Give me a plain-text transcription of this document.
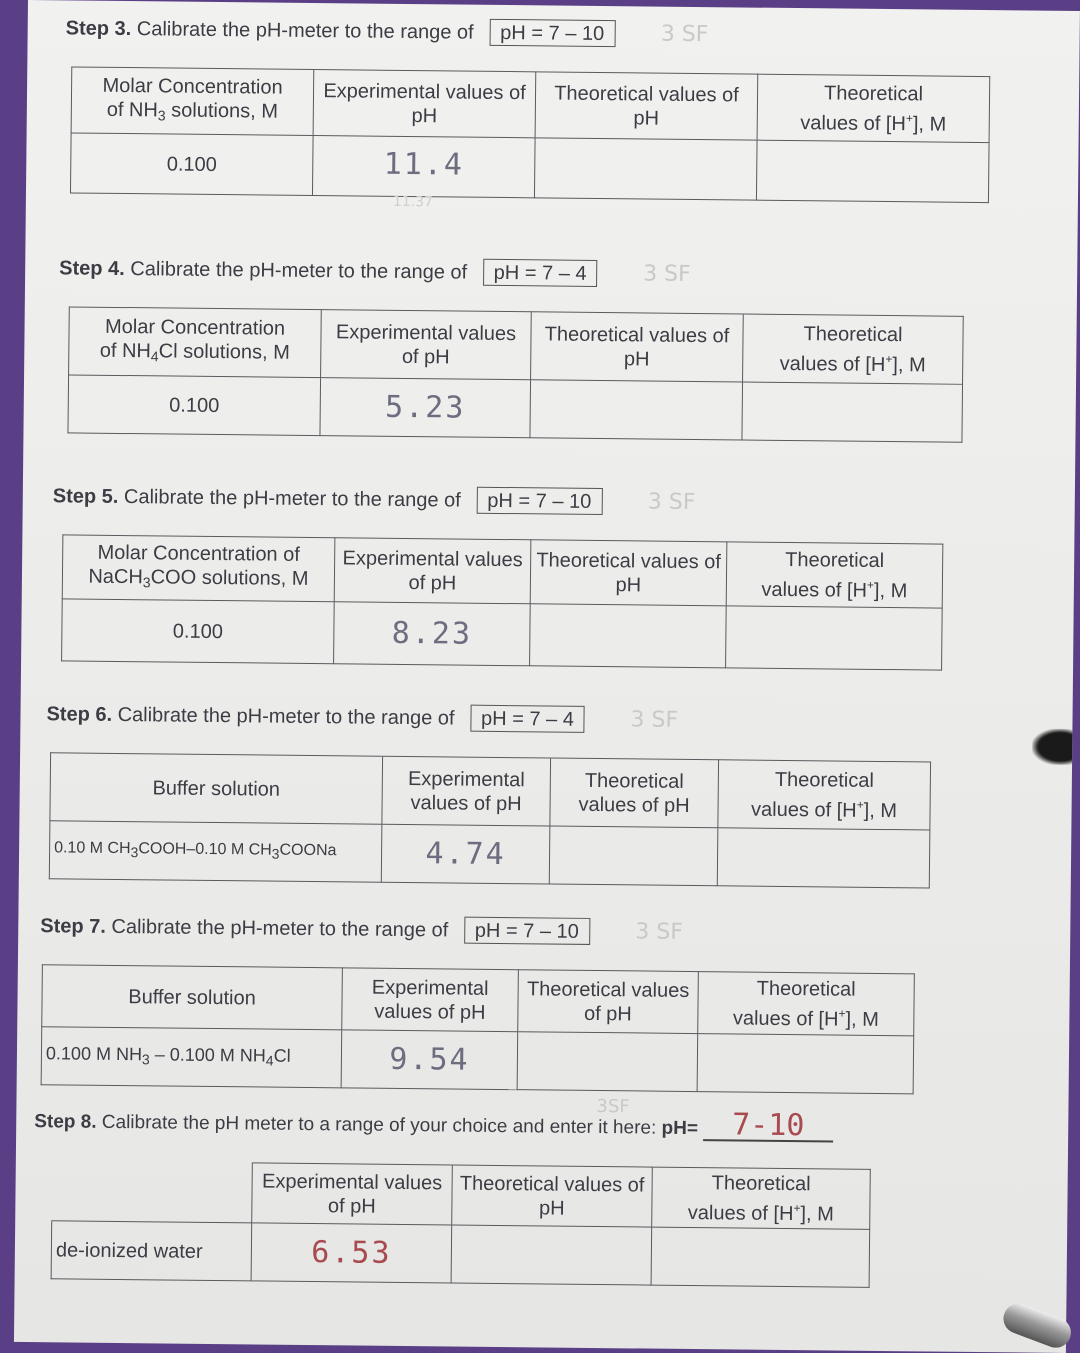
Step 3. Calibrate the pH-meter to the range of pH = 7 – 10	3 SF
Molar Concentration
of $NH_3$ solutions, M	Experimental values of pH	Theoretical values of pH	Theoretical
values of [H+], M
0.100	11.4
11.37		

Step 4. Calibrate the pH-meter to the range of pH = 7 – 4	3 SF
Molar Concentration
of $NH_4Cl$ solutions, M	Experimental values of pH	Theoretical values of pH	Theoretical
values of [H+], M
0.100	5.23		
Step 5. Calibrate the pH-meter to the range of pH = 7 – 10	3 SF
Molar Concentration of
NaCH$_3$COO solutions, M	Experimental values of pH	Theoretical values of pH	Theoretical
values of [H+], M
0.100	8.23		
Step 6. Calibrate the pH-meter to the range of pH = 7 – 4	3 SF
Buffer solution	Experimental values of pH	Theoretical values of pH	Theoretical
values of [H+], M
0.10 M CH3COOH–0.10 M CH3COONa	4.74		
Step 7. Calibrate the pH-meter to the range of pH = 7 – 10	3 SF
Buffer solution	Experimental values of pH	Theoretical values of pH	Theoretical
values of [H+], M
0.100 M $NH_3 - 0.100$ M $NH_4Cl$	9.54		
Step 8. Calibrate the pH meter to a range of your choice and enter it here: pH= 7-10
3SF
	Experimental values of pH	Theoretical values of pH	Theoretical
values of [H+], M
de-ionized water	6.53		
